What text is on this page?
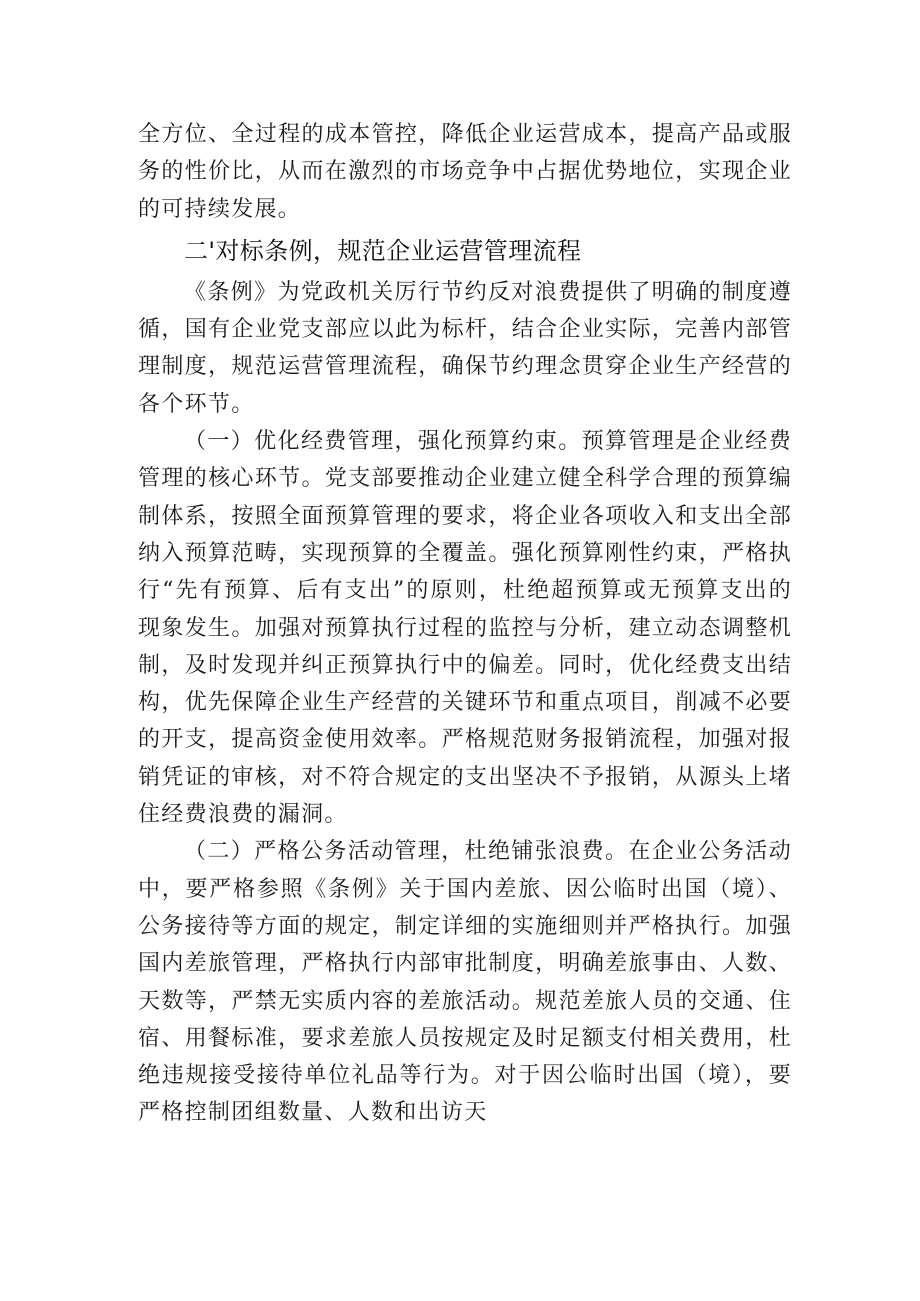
全方位、全过程的成本管控，降低企业运营成本，提高产品或服务的性价比，从而在激烈的市场竞争中占据优势地位，实现企业的可持续发展。

二'对标条例，规范企业运营管理流程

《条例》为党政机关厉行节约反对浪费提供了明确的制度遵循，国有企业党支部应以此为标杆，结合企业实际，完善内部管理制度，规范运营管理流程，确保节约理念贯穿企业生产经营的各个环节。

（一）优化经费管理，强化预算约束。预算管理是企业经费管理的核心环节。党支部要推动企业建立健全科学合理的预算编制体系，按照全面预算管理的要求，将企业各项收入和支出全部纳入预算范畴，实现预算的全覆盖。强化预算刚性约束，严格执行“先有预算、后有支出”的原则，杜绝超预算或无预算支出的现象发生。加强对预算执行过程的监控与分析，建立动态调整机制，及时发现并纠正预算执行中的偏差。同时，优化经费支出结构，优先保障企业生产经营的关键环节和重点项目，削减不必要的开支，提高资金使用效率。严格规范财务报销流程，加强对报销凭证的审核，对不符合规定的支出坚决不予报销，从源头上堵住经费浪费的漏洞。

（二）严格公务活动管理，杜绝铺张浪费。在企业公务活动中，要严格参照《条例》关于国内差旅、因公临时出国（境）、公务接待等方面的规定，制定详细的实施细则并严格执行。加强国内差旅管理，严格执行内部审批制度，明确差旅事由、人数、天数等，严禁无实质内容的差旅活动。规范差旅人员的交通、住宿、用餐标准，要求差旅人员按规定及时足额支付相关费用，杜绝违规接受接待单位礼品等行为。对于因公临时出国（境），要严格控制团组数量、人数和出访天
